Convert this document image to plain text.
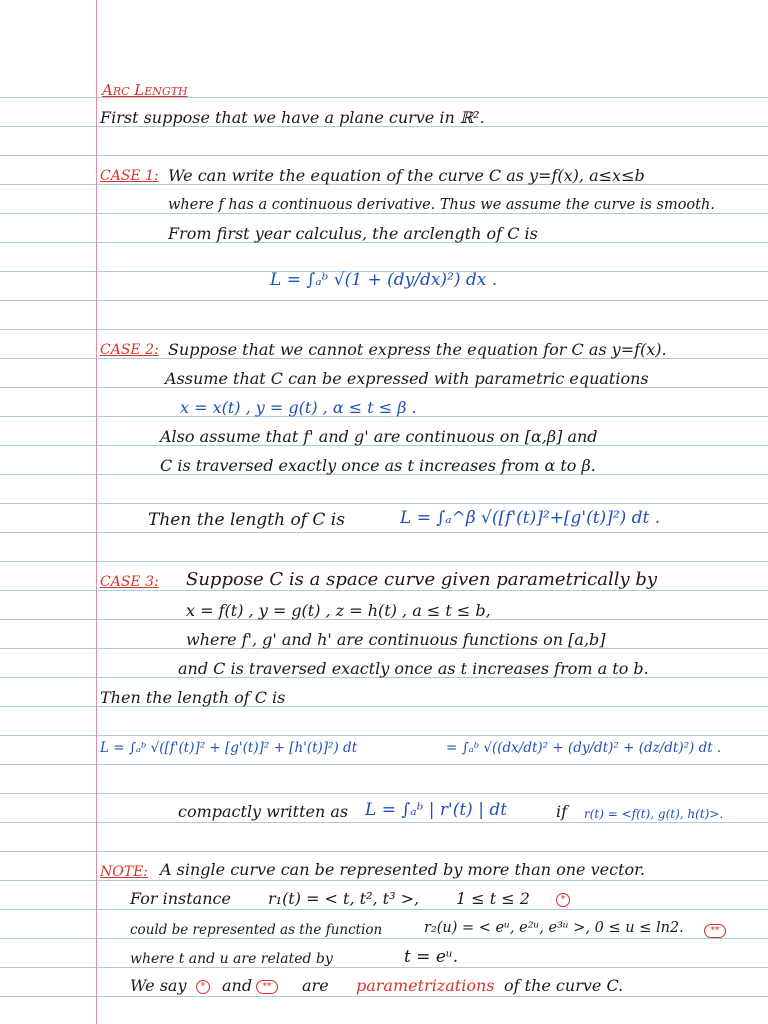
Arc Length
First suppose that we have a plane curve in ℝ².
CASE 1: We can write the equation of the curve C as y=f(x), a≤x≤b
where f has a continuous derivative. Thus we assume the curve is smooth.
From first year calculus, the arclength of C is
L = ∫ₐᵇ √(1 + (dy/dx)²) dx .
CASE 2: Suppose that we cannot express the equation for C as y=f(x).
Assume that C can be expressed with parametric equations
x = x(t) , y = g(t) , α ≤ t ≤ β .
Also assume that f' and g' are continuous on [α,β] and
C is traversed exactly once as t increases from α to β.
Then the length of C is	L = ∫ₐ^β √([f'(t)]²+[g'(t)]²) dt .
CASE 3: Suppose C is a space curve given parametrically by
x = f(t) , y = g(t) , z = h(t) , a ≤ t ≤ b,
where f', g' and h' are continuous functions on [a,b]
and C is traversed exactly once as t increases from a to b.
Then the length of C is
L = ∫ₐᵇ √([f'(t)]² + [g'(t)]² + [h'(t)]²) dt	= ∫ₐᵇ √((dx/dt)² + (dy/dt)² + (dz/dt)²) dt .
compactly written as L = ∫ₐᵇ | r'(t) | dt	if r(t) = <f(t), g(t), h(t)>.
NOTE: A single curve can be represented by more than one vector.
For instance r₁(t) = < t, t², t³ >, 1 ≤ t ≤ 2	*
could be represented as the function	r₂(u) = < eᵘ, e²ᵘ, e³ᵘ >, 0 ≤ u ≤ ln2.	**
where t and u are related by	t = eᵘ.
We say	* and	**	are parametrizations of the curve C.
